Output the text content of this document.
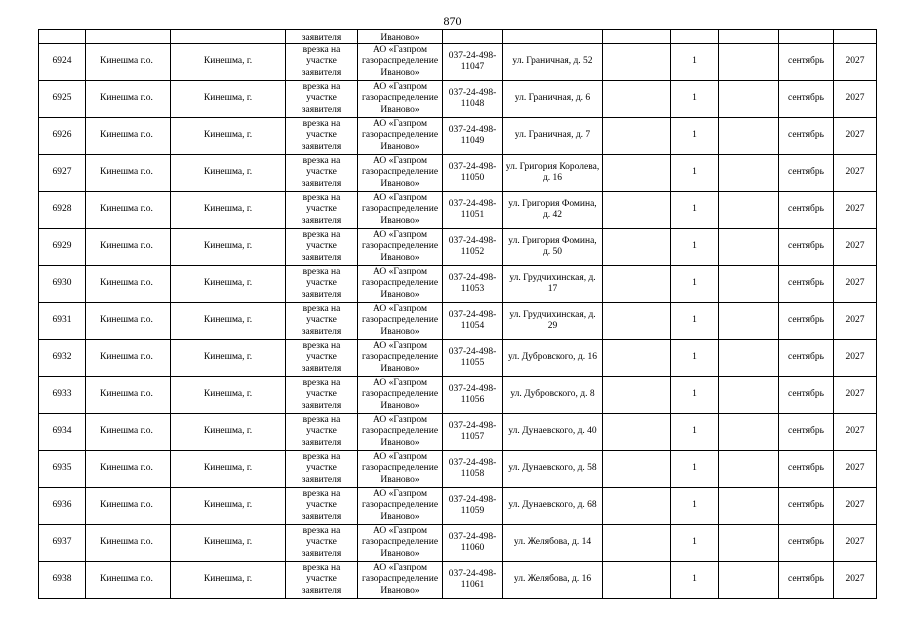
870

			заявителя	Иваново»							

6924	Кинешма г.о.	Кинешма, г.	врезка на участке заявителя	АО «Газпром газораспределение Иваново»	037-24-498-11047	ул. Граничная, д. 52		1		сентябрь	2027
6925	Кинешма г.о.	Кинешма, г.	врезка на участке заявителя	АО «Газпром газораспределение Иваново»	037-24-498-11048	ул. Граничная, д. 6		1		сентябрь	2027
6926	Кинешма г.о.	Кинешма, г.	врезка на участке заявителя	АО «Газпром газораспределение Иваново»	037-24-498-11049	ул. Граничная, д. 7		1		сентябрь	2027
6927	Кинешма г.о.	Кинешма, г.	врезка на участке заявителя	АО «Газпром газораспределение Иваново»	037-24-498-11050	ул. Григория Королева, д. 16		1		сентябрь	2027
6928	Кинешма г.о.	Кинешма, г.	врезка на участке заявителя	АО «Газпром газораспределение Иваново»	037-24-498-11051	ул. Григория Фомина, д. 42		1		сентябрь	2027
6929	Кинешма г.о.	Кинешма, г.	врезка на участке заявителя	АО «Газпром газораспределение Иваново»	037-24-498-11052	ул. Григория Фомина, д. 50		1		сентябрь	2027
6930	Кинешма г.о.	Кинешма, г.	врезка на участке заявителя	АО «Газпром газораспределение Иваново»	037-24-498-11053	ул. Грудчихинская, д. 17		1		сентябрь	2027
6931	Кинешма г.о.	Кинешма, г.	врезка на участке заявителя	АО «Газпром газораспределение Иваново»	037-24-498-11054	ул. Грудчихинская, д. 29		1		сентябрь	2027
6932	Кинешма г.о.	Кинешма, г.	врезка на участке заявителя	АО «Газпром газораспределение Иваново»	037-24-498-11055	ул. Дубровского, д. 16		1		сентябрь	2027
6933	Кинешма г.о.	Кинешма, г.	врезка на участке заявителя	АО «Газпром газораспределение Иваново»	037-24-498-11056	ул. Дубровского, д. 8		1		сентябрь	2027
6934	Кинешма г.о.	Кинешма, г.	врезка на участке заявителя	АО «Газпром газораспределение Иваново»	037-24-498-11057	ул. Дунаевского, д. 40		1		сентябрь	2027
6935	Кинешма г.о.	Кинешма, г.	врезка на участке заявителя	АО «Газпром газораспределение Иваново»	037-24-498-11058	ул. Дунаевского, д. 58		1		сентябрь	2027
6936	Кинешма г.о.	Кинешма, г.	врезка на участке заявителя	АО «Газпром газораспределение Иваново»	037-24-498-11059	ул. Дунаевского, д. 68		1		сентябрь	2027
6937	Кинешма г.о.	Кинешма, г.	врезка на участке заявителя	АО «Газпром газораспределение Иваново»	037-24-498-11060	ул. Желябова, д. 14		1		сентябрь	2027
6938	Кинешма г.о.	Кинешма, г.	врезка на участке заявителя	АО «Газпром газораспределение Иваново»	037-24-498-11061	ул. Желябова, д. 16		1		сентябрь	2027
